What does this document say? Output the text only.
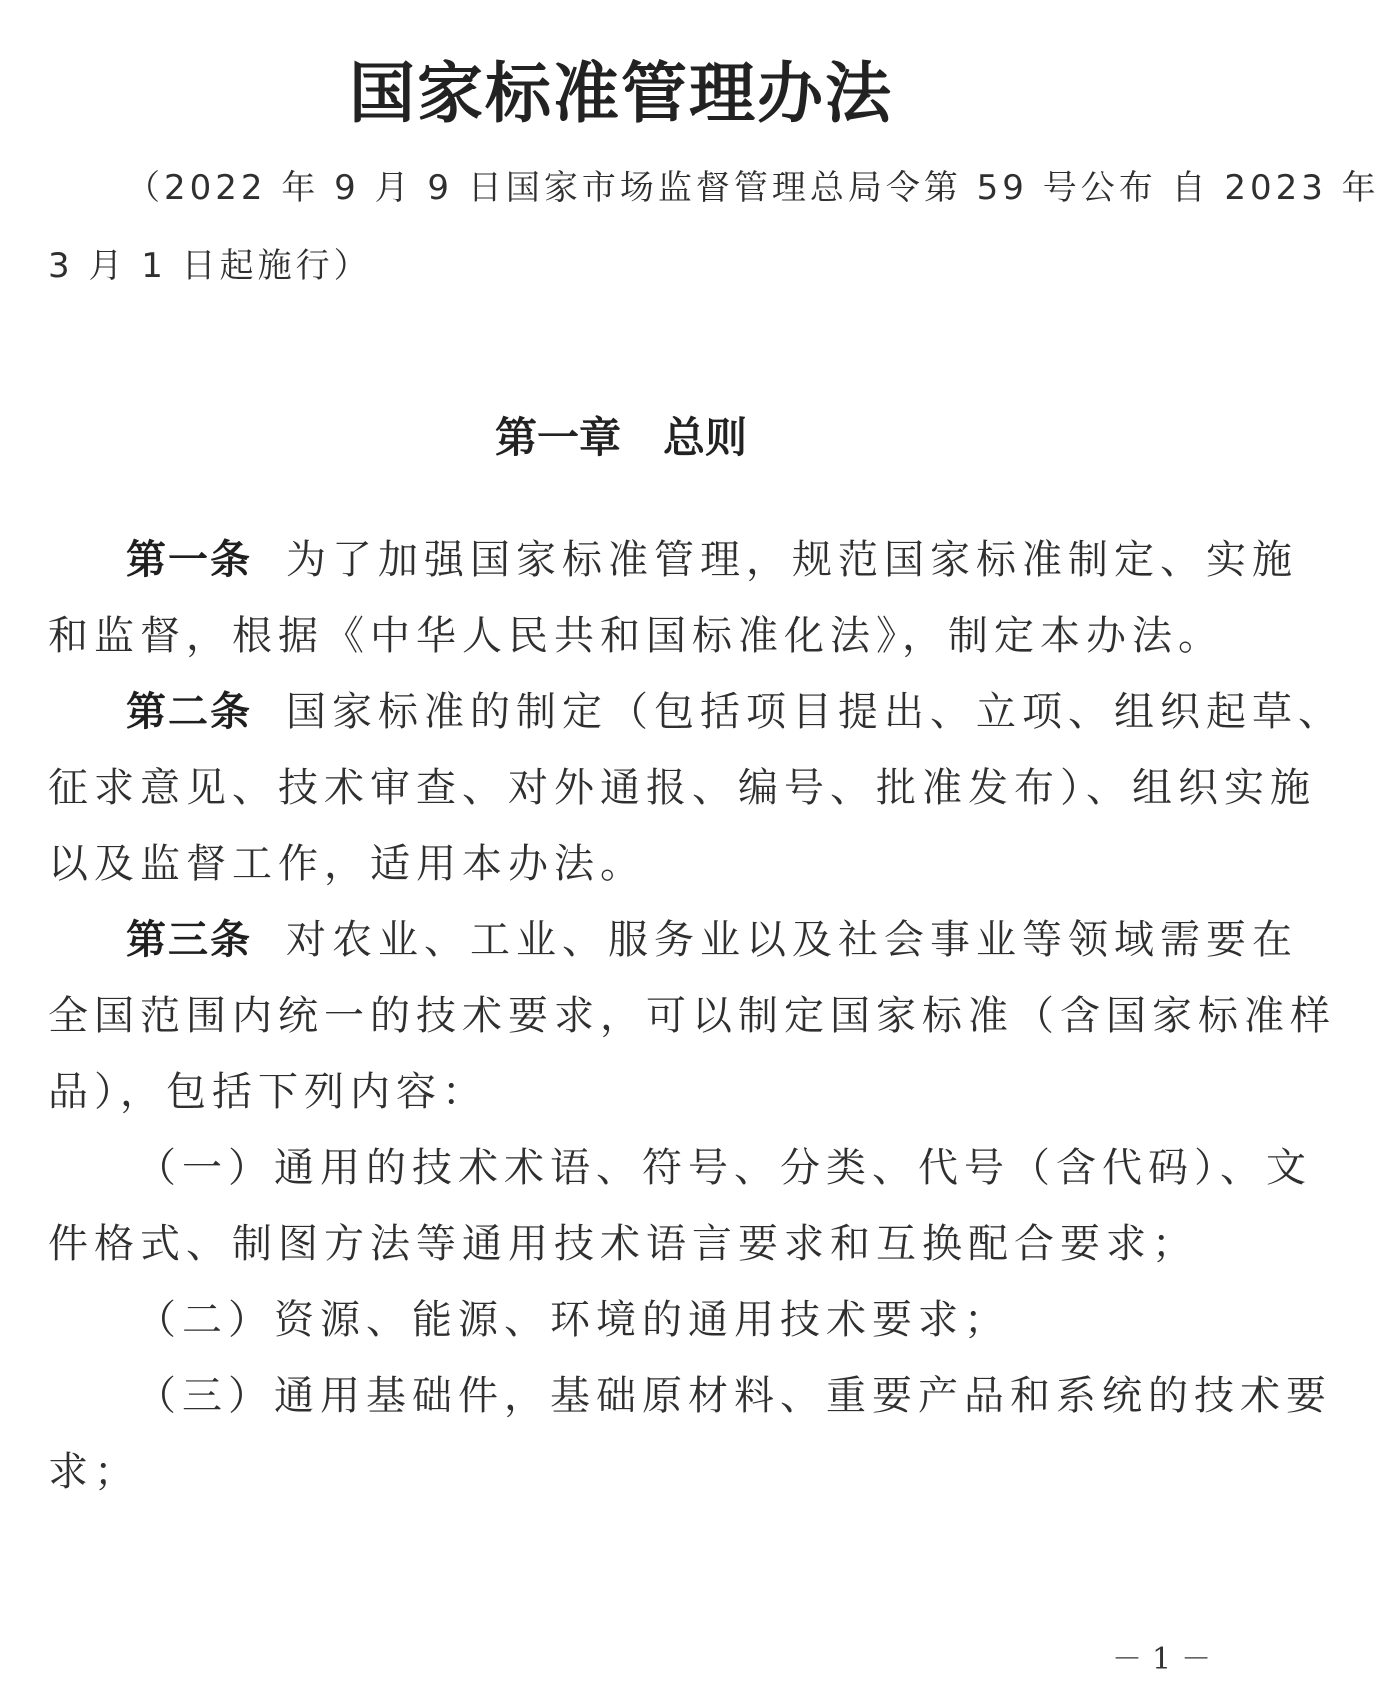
国家标准管理办法
（2022 年 9 月 9 日国家市场监督管理总局令第 59 号公布 自 2023 年
3 月 1 日起施行）
第一章　总则
第一条 为了加强国家标准管理，规范国家标准制定、实施
和监督，根据《中华人民共和国标准化法》，制定本办法。
第二条 国家标准的制定（包括项目提出、立项、组织起草、
征求意见、技术审查、对外通报、编号、批准发布）、组织实施
以及监督工作，适用本办法。
第三条 对农业、工业、服务业以及社会事业等领域需要在
全国范围内统一的技术要求，可以制定国家标准（含国家标准样
品），包括下列内容：
（一）通用的技术术语、符号、分类、代号（含代码）、文
件格式、制图方法等通用技术语言要求和互换配合要求；
（二）资源、能源、环境的通用技术要求；
（三）通用基础件，基础原材料、重要产品和系统的技术要
求；
－1－
